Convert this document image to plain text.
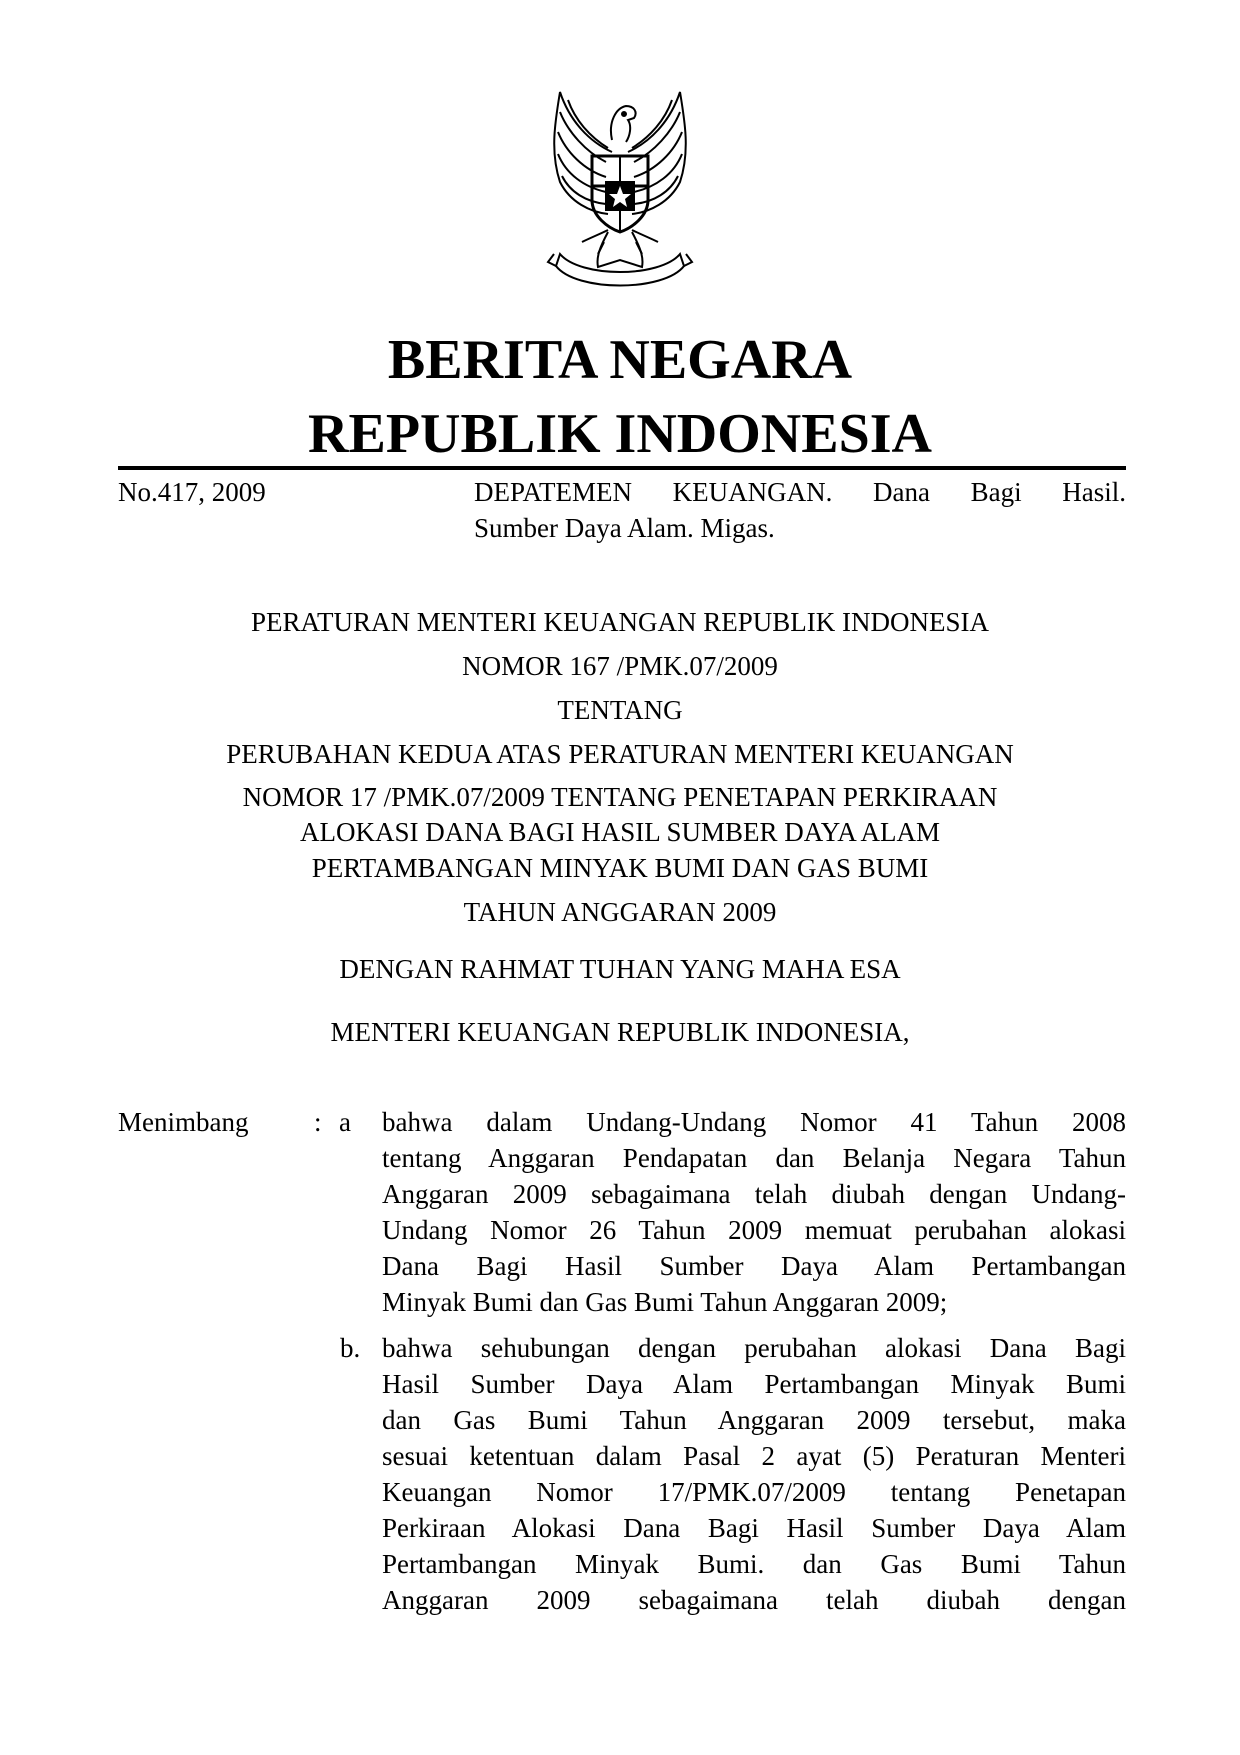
BERITA NEGARA
REPUBLIK INDONESIA
No.417, 2009	DEPATEMEN KEUANGAN. Dana Bagi Hasil.
Sumber Daya Alam. Migas.
PERATURAN MENTERI KEUANGAN REPUBLIK INDONESIA
NOMOR 167 /PMK.07/2009
TENTANG
PERUBAHAN KEDUA ATAS PERATURAN MENTERI KEUANGAN
NOMOR 17 /PMK.07/2009 TENTANG PENETAPAN PERKIRAAN
ALOKASI DANA BAGI HASIL SUMBER DAYA ALAM
PERTAMBANGAN MINYAK BUMI DAN GAS BUMI
TAHUN ANGGARAN 2009
DENGAN RAHMAT TUHAN YANG MAHA ESA
MENTERI KEUANGAN REPUBLIK INDONESIA,
Menimbang : a bahwa dalam Undang-Undang Nomor 41 Tahun 2008
tentang Anggaran Pendapatan dan Belanja Negara Tahun
Anggaran 2009 sebagaimana telah diubah dengan Undang-
Undang Nomor 26 Tahun 2009 memuat perubahan alokasi
Dana Bagi Hasil Sumber Daya Alam Pertambangan
Minyak Bumi dan Gas Bumi Tahun Anggaran 2009;
b. bahwa sehubungan dengan perubahan alokasi Dana Bagi
Hasil Sumber Daya Alam Pertambangan Minyak Bumi
dan Gas Bumi Tahun Anggaran 2009 tersebut, maka
sesuai ketentuan dalam Pasal 2 ayat (5) Peraturan Menteri
Keuangan Nomor 17/PMK.07/2009 tentang Penetapan
Perkiraan Alokasi Dana Bagi Hasil Sumber Daya Alam
Pertambangan Minyak Bumi. dan Gas Bumi Tahun
Anggaran 2009 sebagaimana telah diubah dengan
